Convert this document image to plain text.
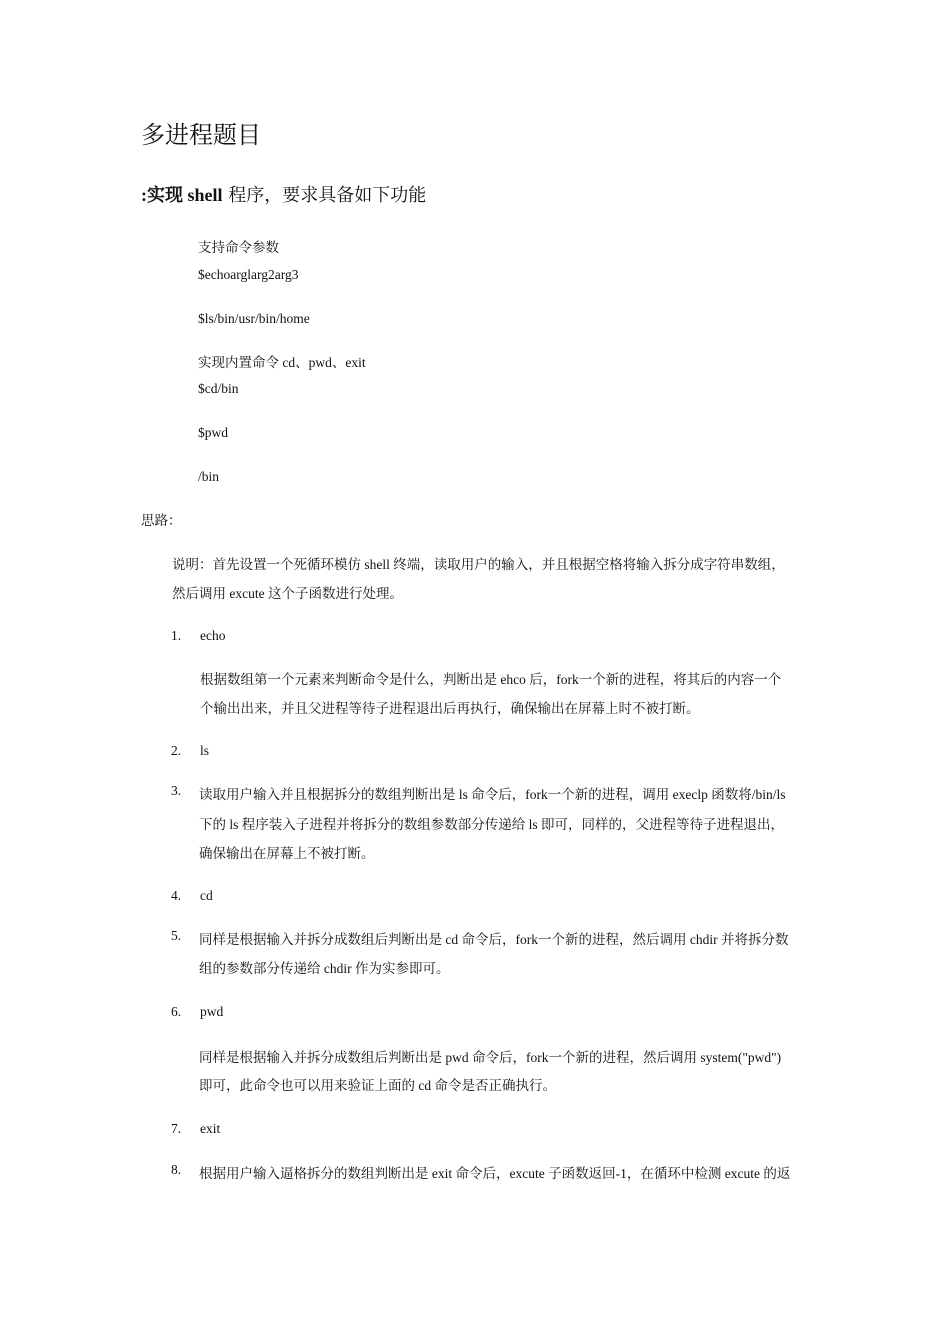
多进程题目
:实现 shell 程序，要求具备如下功能
支持命令参数
$echoarglarg2arg3
$ls/bin/usr/bin/home
实现内置命令 cd、pwd、exit
$cd/bin
$pwd
/bin
思路：
说明：首先设置一个死循环模仿 shell 终端，读取用户的输入，并且根据空格将输入拆分成字符串数组，
然后调用 excute 这个子函数进行处理。
1.	echo
根据数组第一个元素来判断命令是什么，判断出是 ehco 后，fork一个新的进程，将其后的内容一个
个输出出来，并且父进程等待子进程退出后再执行，确保输出在屏幕上时不被打断。
2.	ls
3.	读取用户输入并且根据拆分的数组判断出是 ls 命令后，fork一个新的进程，调用 execlp 函数将/bin/ls
下的 ls 程序装入子进程并将拆分的数组参数部分传递给 ls 即可，同样的，父进程等待子进程退出，
确保输出在屏幕上不被打断。
4.	cd
5.	同样是根据输入并拆分成数组后判断出是 cd 命令后，fork一个新的进程，然后调用 chdir 并将拆分数
组的参数部分传递给 chdir 作为实参即可。
6.	pwd
同样是根据输入并拆分成数组后判断出是 pwd 命令后，fork一个新的进程，然后调用 system("pwd")
即可，此命令也可以用来验证上面的 cd 命令是否正确执行。
7.	exit
8.	根据用户输入逼格拆分的数组判断出是 exit 命令后，excute 子函数返回-1，在循环中检测 excute 的返
